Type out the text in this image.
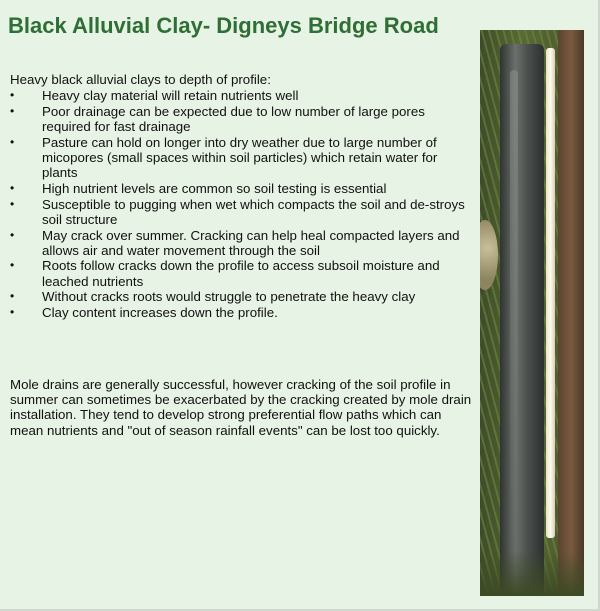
Black Alluvial Clay- Digneys Bridge Road

Heavy black alluvial clays to depth of profile:

• Heavy clay material will retain nutrients well
• Poor drainage can be expected due to low number of large pores required for fast drainage
• Pasture can hold on longer into dry weather due to large number of micopores (small spaces within soil particles) which retain water for plants
• High nutrient levels are common so soil testing is essential
• Susceptible to pugging when wet which compacts the soil and de-stroys soil structure
• May crack over summer. Cracking can help heal compacted layers and allows air and water movement through the soil
• Roots follow cracks down the profile to access subsoil moisture and leached nutrients
• Without cracks roots would struggle to penetrate the heavy clay
• Clay content increases down the profile.

Mole drains are generally successful, however cracking of the soil profile in summer can sometimes be exacerbated by the cracking created by mole drain installation. They tend to develop strong preferential flow paths which can mean nutrients and "out of season rainfall events" can be lost too quickly.
